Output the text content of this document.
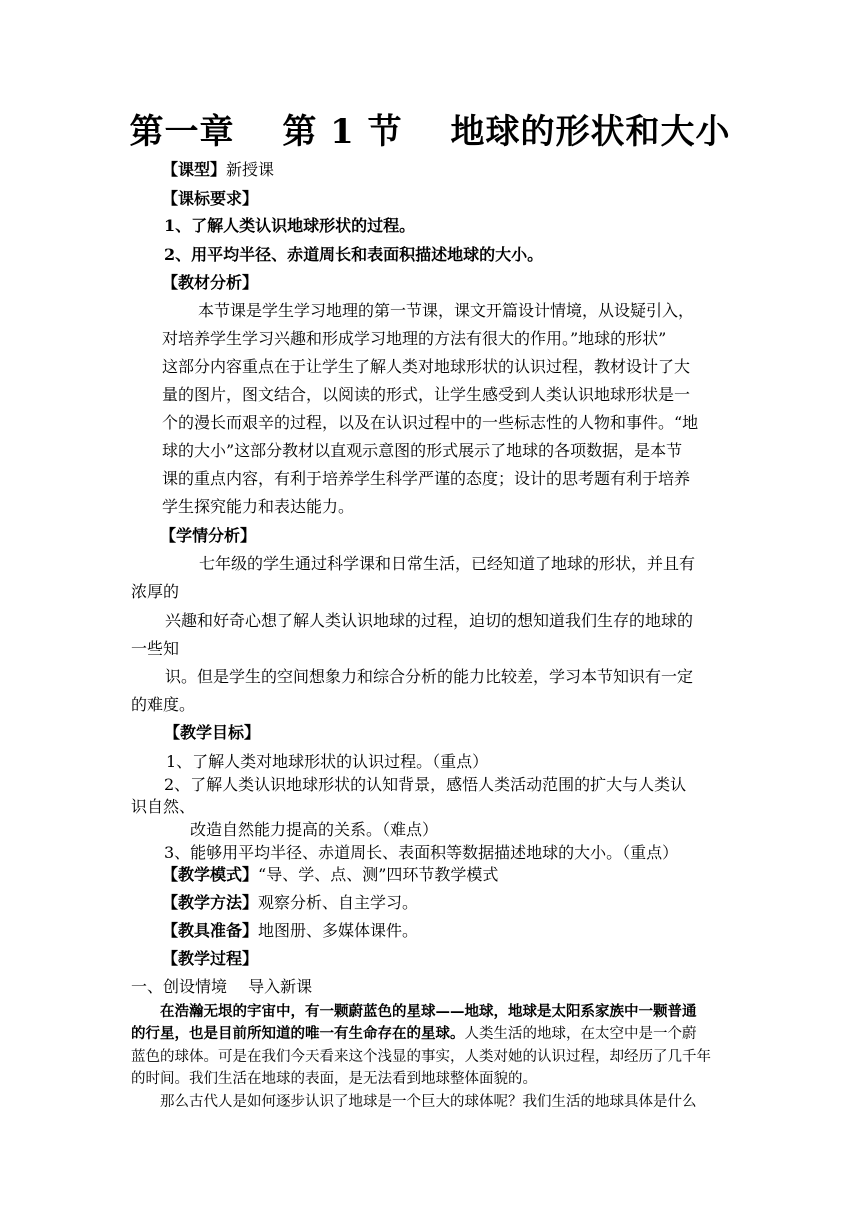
第一章　 第 1 节　 地球的形状和大小
【课型】新授课
【课标要求】
1、了解人类认识地球形状的过程。
2、用平均半径、赤道周长和表面积描述地球的大小。
【教材分析】
本节课是学生学习地理的第一节课，课文开篇设计情境，从设疑引入，
对培养学生学习兴趣和形成学习地理的方法有很大的作用。”地球的形状”
这部分内容重点在于让学生了解人类对地球形状的认识过程，教材设计了大
量的图片，图文结合，以阅读的形式，让学生感受到人类认识地球形状是一
个的漫长而艰辛的过程，以及在认识过程中的一些标志性的人物和事件。“地
球的大小”这部分教材以直观示意图的形式展示了地球的各项数据，是本节
课的重点内容，有利于培养学生科学严谨的态度；设计的思考题有利于培养
学生探究能力和表达能力。
【学情分析】
七年级的学生通过科学课和日常生活，已经知道了地球的形状，并且有
浓厚的
兴趣和好奇心想了解人类认识地球的过程，迫切的想知道我们生存的地球的
一些知
识。但是学生的空间想象力和综合分析的能力比较差，学习本节知识有一定
的难度。
【教学目标】
1、了解人类对地球形状的认识过程。（重点）
2、了解人类认识地球形状的认知背景，感悟人类活动范围的扩大与人类认
识自然、
改造自然能力提高的关系。（难点）
3、能够用平均半径、赤道周长、表面积等数据描述地球的大小。（重点）
【教学模式】“导、学、点、测”四环节教学模式
【教学方法】观察分析、自主学习。
【教具准备】地图册、多媒体课件。
【教学过程】
一、创设情境　 导入新课
在浩瀚无垠的宇宙中，有一颗蔚蓝色的星球——地球，地球是太阳系家族中一颗普通
的行星，也是目前所知道的唯一有生命存在的星球。人类生活的地球，在太空中是一个蔚
蓝色的球体。可是在我们今天看来这个浅显的事实，人类对她的认识过程，却经历了几千年
的时间。我们生活在地球的表面，是无法看到地球整体面貌的。
那么古代人是如何逐步认识了地球是一个巨大的球体呢？我们生活的地球具体是什么
